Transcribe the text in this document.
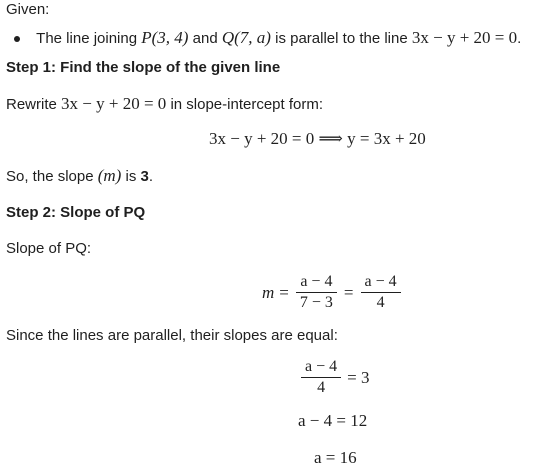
Given:
The line joining P(3, 4) and Q(7, a) is parallel to the line 3x − y + 20 = 0.
Step 1: Find the slope of the given line
Rewrite 3x − y + 20 = 0 in slope-intercept form:
3x − y + 20 = 0 ⟹ y = 3x + 20
So, the slope (m) is 3.
Step 2: Slope of PQ
Slope of PQ:
$m = \frac{a - 4}{7 - 3} = \frac{a - 4}{4}$
Since the lines are parallel, their slopes are equal:
$\frac{a - 4}{4} = 3$
a − 4 = 12
a = 16
